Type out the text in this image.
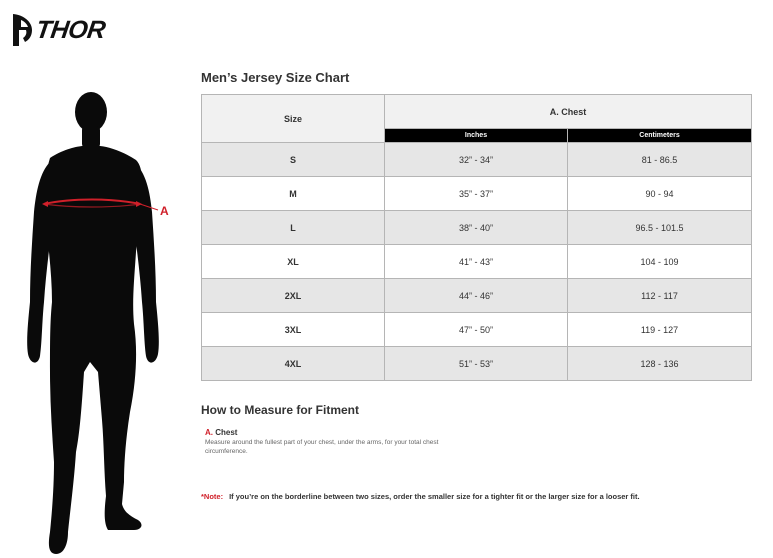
THOR
A
Men’s Jersey Size Chart
Size	A. Chest	
	Inches	Centimeters
S	32” - 34”	81 - 86.5
M	35” - 37”	90 - 94
L	38” - 40”	96.5 - 101.5
XL	41” - 43”	104 - 109
2XL	44” - 46”	112 - 117
3XL	47” - 50”	119 - 127
4XL	51” - 53”	128 - 136
How to Measure for Fitment
A. Chest
Measure around the fullest part of your chest, under the arms, for your total chest circumference.
*Note: If you’re on the borderline between two sizes, order the smaller size for a tighter fit or the larger size for a looser fit.
